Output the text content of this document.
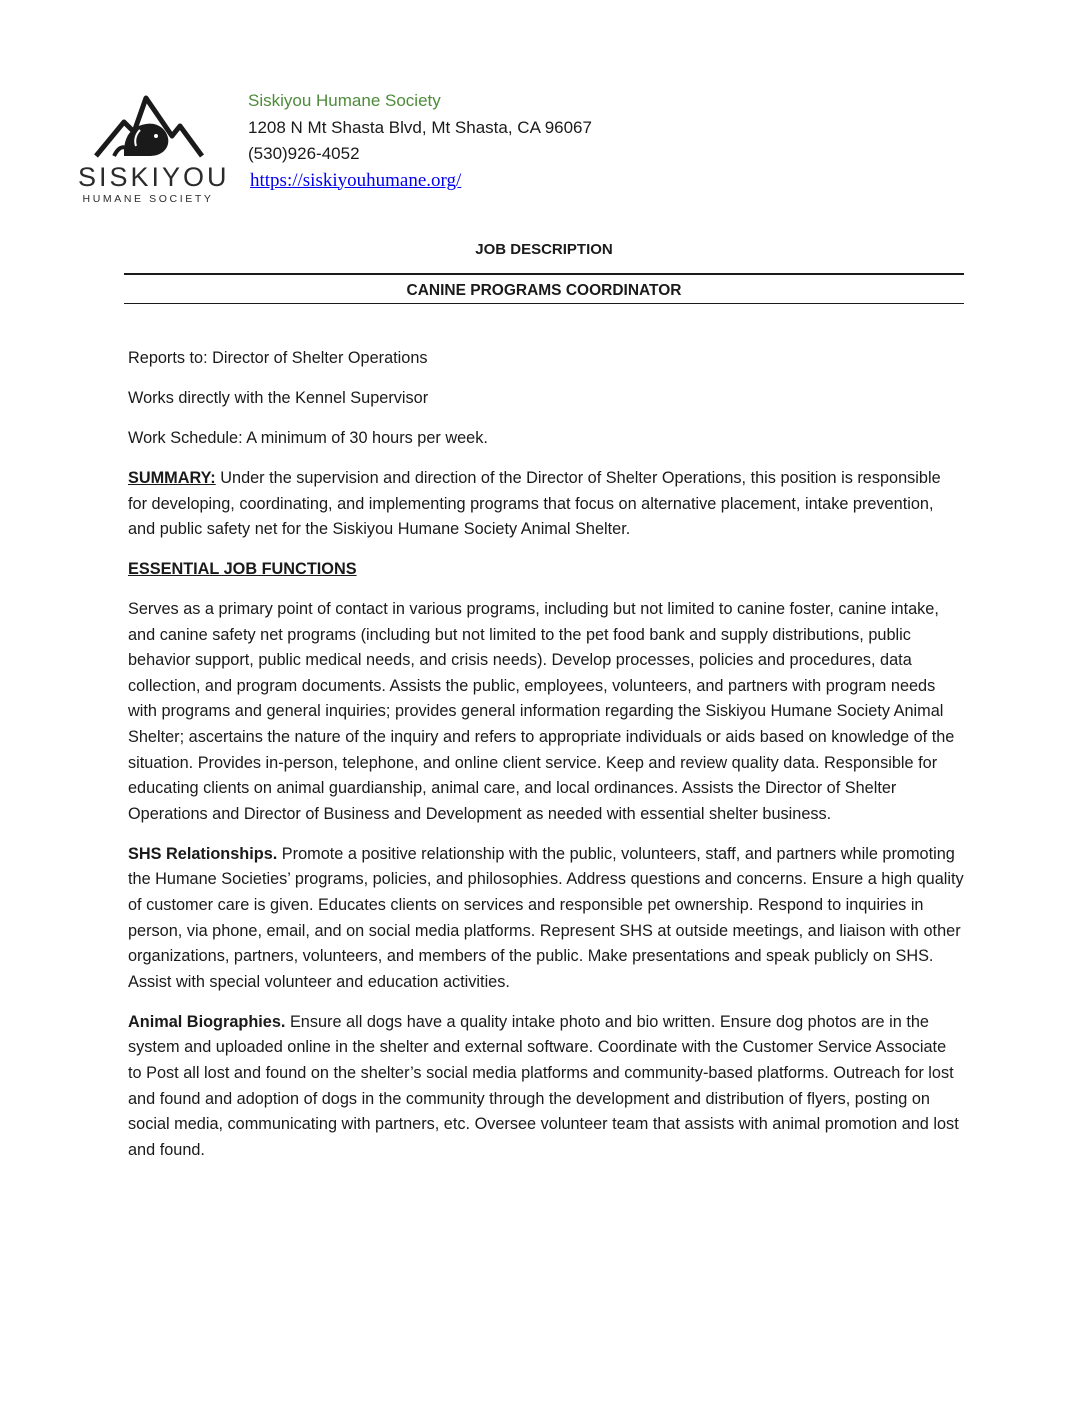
SISKIYOU
HUMANE SOCIETY
Siskiyou Humane Society
1208 N Mt Shasta Blvd, Mt Shasta, CA 96067
(530)926-4052
https://siskiyouhumane.org/
JOB DESCRIPTION
CANINE PROGRAMS COORDINATOR

Reports to: Director of Shelter Operations

Works directly with the Kennel Supervisor

Work Schedule: A minimum of 30 hours per week.

SUMMARY: Under the supervision and direction of the Director of Shelter Operations, this position is responsible for developing, coordinating, and implementing programs that focus on alternative placement, intake prevention, and public safety net for the Siskiyou Humane Society Animal Shelter.

ESSENTIAL JOB FUNCTIONS

Serves as a primary point of contact in various programs, including but not limited to canine foster, canine intake, and canine safety net programs (including but not limited to the pet food bank and supply distributions, public behavior support, public medical needs, and crisis needs). Develop processes, policies and procedures, data collection, and program documents. Assists the public, employees, volunteers, and partners with program needs with programs and general inquiries; provides general information regarding the Siskiyou Humane Society Animal Shelter; ascertains the nature of the inquiry and refers to appropriate individuals or aids based on knowledge of the situation. Provides in-person, telephone, and online client service. Keep and review quality data. Responsible for educating clients on animal guardianship, animal care, and local ordinances. Assists the Director of Shelter Operations and Director of Business and Development as needed with essential shelter business.

SHS Relationships. Promote a positive relationship with the public, volunteers, staff, and partners while promoting the Humane Societies’ programs, policies, and philosophies. Address questions and concerns. Ensure a high quality of customer care is given. Educates clients on services and responsible pet ownership. Respond to inquiries in person, via phone, email, and on social media platforms. Represent SHS at outside meetings, and liaison with other organizations, partners, volunteers, and members of the public. Make presentations and speak publicly on SHS. Assist with special volunteer and education activities.

Animal Biographies. Ensure all dogs have a quality intake photo and bio written. Ensure dog photos are in the system and uploaded online in the shelter and external software. Coordinate with the Customer Service Associate to Post all lost and found on the shelter’s social media platforms and community-based platforms. Outreach for lost and found and adoption of dogs in the community through the development and distribution of flyers, posting on social media, communicating with partners, etc. Oversee volunteer team that assists with animal promotion and lost and found.
